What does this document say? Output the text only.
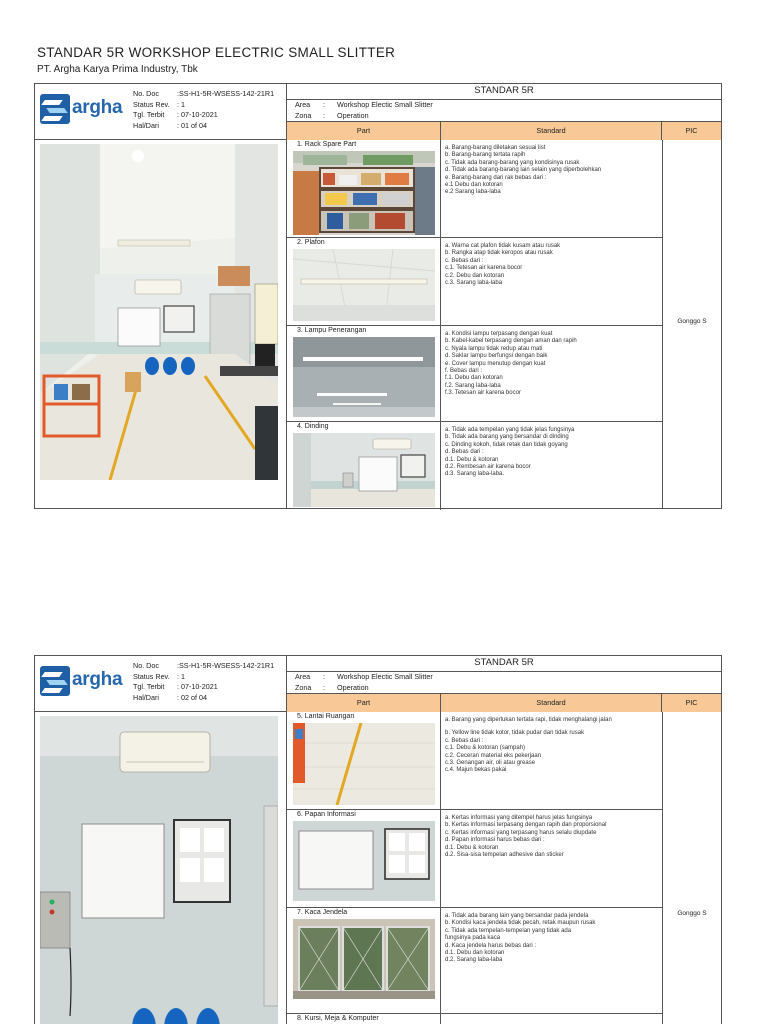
STANDAR 5R WORKSHOP ELECTRIC SMALL SLITTER
PT. Argha Karya Prima Industry, Tbk
argha
No. Doc	:SS-H1-5R-WSESS-142-21R1
Status Rev.	: 1
Tgl. Terbit	: 07-10-2021
Hal/Dari	: 01 of 04
STANDAR 5R
Area	:	Workshop Electic Small Slitter
Zona	:	Operation
Part	Standard	PIC
1. Rack Spare Part	a. Barang-barang diletakan sesuai list
b. Barang-barang tertata rapih
c. Tidak ada barang-barang yang kondisinya rusak
d. Tidak ada barang-barang lain selain yang diperbolehkan
e. Barang-barang dari rak bebas dari :
e.1 Debu dan kotoran
e.2 Sarang laba-laba
2. Plafon	a. Warna cat plafon tidak kusam atau rusak
b. Rangka atap tidak keropos atau rusak
c. Bebas dari :
c.1. Tetesan air karena bocor
c.2. Debu dan kotoran
c.3. Sarang laba-laba
3. Lampu Penerangan	a. Kondisi lampu terpasang dengan kuat
b. Kabel-kabel terpasang dengan aman dan rapih
c. Nyala lampu tidak redup atau mati
d. Saklar lampu berfungsi dengan baik
e. Cover lampu menutup dengan kuat
f. Bebas dari :
f.1. Debu dan kotoran
f.2. Sarang laba-laba
f.3. Tetesan air karena bocor
4. Dinding	a. Tidak ada tempelan yang tidak jelas fungsinya
b. Tidak ada barang yang bersandar di dinding
c. Dinding kokoh, tidak retak dan tidak goyang
d. Bebas dari :
d.1. Debu & kotoran
d.2. Rembesan air karena bocor
d.3. Sarang laba-laba.
Gonggo S
argha
No. Doc	:SS-H1-5R-WSESS-142-21R1
Status Rev.	: 1
Tgl. Terbit	: 07-10-2021
Hal/Dari	: 02 of 04
STANDAR 5R
Area	:	Workshop Electic Small Slitter
Zona	:	Operation
Part	Standard	PIC
5. Lantai Ruangan	a. Barang yang diperlukan tertata rapi, tidak menghalangi jalan
b. Yellow line tidak kotor, tidak pudar dan tidak rusak
c. Bebas dari :
c.1. Debu & kotoran (sampah)
c.2. Ceceran material eks pekerjaan
c.3. Genangan air, oli atau grease
c.4. Majun bekas pakai
6. Papan Informasi	a. Kertas informasi yang ditempel harus jelas fungsinya
b. Kertas informasi terpasang dengan rapih dan proporsional
c. Kertas informasi yang terpasang harus selalu diupdate
d. Papan informasi harus bebas dari :
d.1. Debu & kotoran
d.2. Sisa-sisa tempelan adhesive dan sticker
7. Kaca Jendela	a. Tidak ada barang lain yang bersandar pada jendela
b. Kondisi kaca jendela tidak pecah, retak maupun rusak
c. Tidak ada tempelan-tempelan yang tidak ada
fungsinya pada kaca
d. Kaca jendela harus bebas dari :
d.1. Debu dan kotoran
d.2. Sarang laba-laba
8. Kursi, Meja & Komputer
Gonggo S
